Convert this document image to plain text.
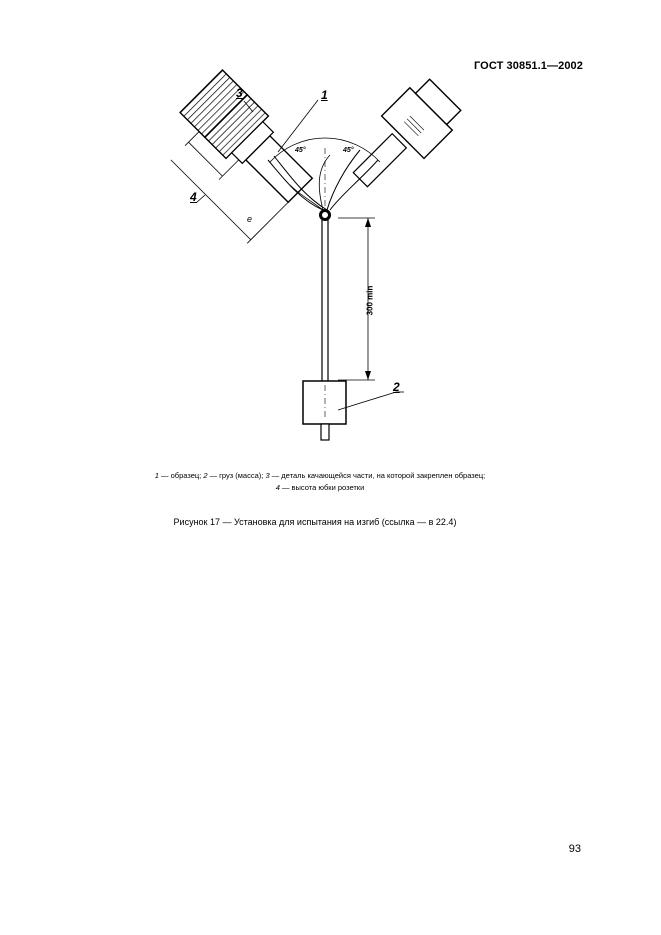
ГОСТ 30851.1—2002
3	1
4
2
45°	45°
e
300 min
1 — образец; 2 — груз (масса); 3 — деталь качающейся части, на которой закреплен образец;
4 — высота юбки розетки
Рисунок 17 — Установка для испытания на изгиб (ссылка — в 22.4)
93
